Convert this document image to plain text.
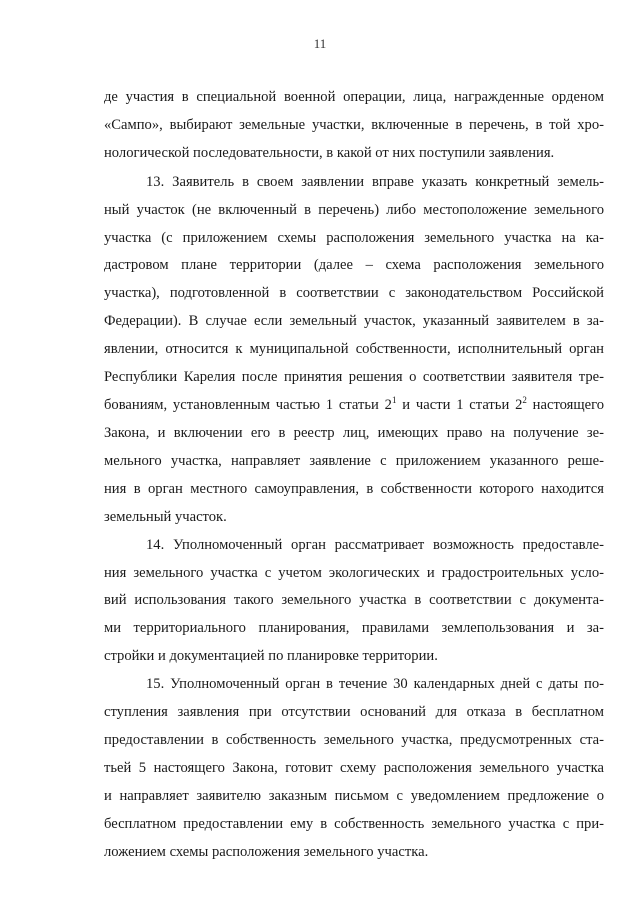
11
де участия в специальной военной операции, лица, награжденные орденом
«Сампо», выбирают земельные участки, включенные в перечень, в той хро-
нологической последовательности, в какой от них поступили заявления.
13. Заявитель в своем заявлении вправе указать конкретный земель-
ный участок (не включенный в перечень) либо местоположение земельного
участка (с приложением схемы расположения земельного участка на ка-
дастровом плане территории (далее – схема расположения земельного
участка), подготовленной в соответствии с законодательством Российской
Федерации). В случае если земельный участок, указанный заявителем в за-
явлении, относится к муниципальной собственности, исполнительный орган
Республики Карелия после принятия решения о соответствии заявителя тре-
бованиям, установленным частью 1 статьи $2^1$ и части 1 статьи $2^2$ настоящего
Закона, и включении его в реестр лиц, имеющих право на получение зе-
мельного участка, направляет заявление с приложением указанного реше-
ния в орган местного самоуправления, в собственности которого находится
земельный участок.
14. Уполномоченный орган рассматривает возможность предоставле-
ния земельного участка с учетом экологических и градостроительных усло-
вий использования такого земельного участка в соответствии с документа-
ми территориального планирования, правилами землепользования и за-
стройки и документацией по планировке территории.
15. Уполномоченный орган в течение 30 календарных дней с даты по-
ступления заявления при отсутствии оснований для отказа в бесплатном
предоставлении в собственность земельного участка, предусмотренных ста-
тьей 5 настоящего Закона, готовит схему расположения земельного участка
и направляет заявителю заказным письмом с уведомлением предложение о
бесплатном предоставлении ему в собственность земельного участка с при-
ложением схемы расположения земельного участка.
